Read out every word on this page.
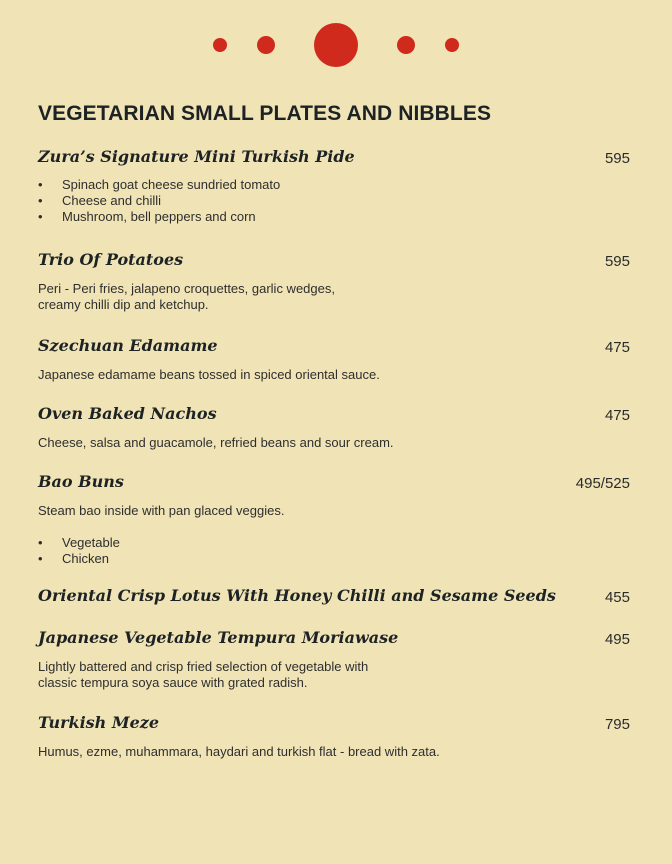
VEGETARIAN SMALL PLATES AND NIBBLES
Zura’s Signature Mini Turkish Pide	595
• Spinach goat cheese sundried tomato
• Cheese and chilli
• Mushroom, bell peppers and corn
Trio Of Potatoes	595
Peri - Peri fries, jalapeno croquettes, garlic wedges,
creamy chilli dip and ketchup.
Szechuan Edamame	475
Japanese edamame beans tossed in spiced oriental sauce.
Oven Baked Nachos	475
Cheese, salsa and guacamole, refried beans and sour cream.
Bao Buns	495/525
Steam bao inside with pan glaced veggies.
• Vegetable
• Chicken
Oriental Crisp Lotus With Honey Chilli and Sesame Seeds	455
Japanese Vegetable Tempura Moriawase	495
Lightly battered and crisp fried selection of vegetable with
classic tempura soya sauce with grated radish.
Turkish Meze	795
Humus, ezme, muhammara, haydari and turkish flat - bread with zata.
